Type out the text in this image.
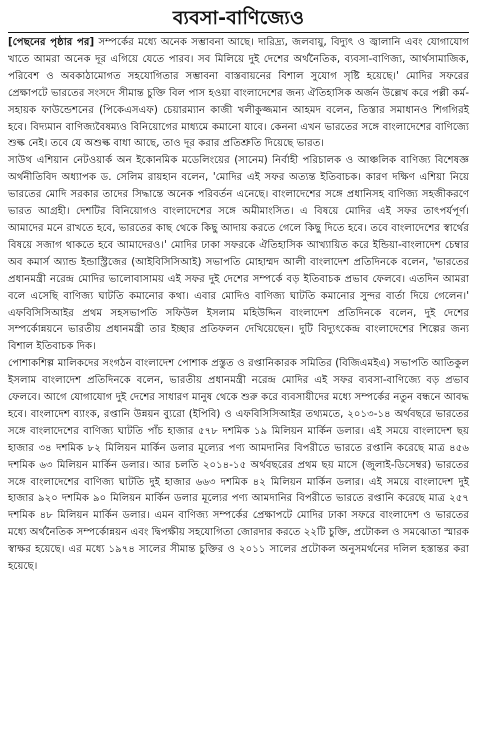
ব্যবসা-বাণিজ্যেও

[পেছনের পৃষ্ঠার পর] সম্পর্কের মধ্যে অনেক সম্ভাবনা আছে। দারিদ্র্য, জলবায়ু, বিদ্যুৎ ও জ্বালানি এবং যোগাযোগ খাতে আমরা অনেক দূর এগিয়ে যেতে পারব। সব মিলিয়ে দুই দেশের অর্থনৈতিক, ব্যবসা-বাণিজ্য, আর্থসামাজিক, পরিবেশ ও অবকাঠামোগত সহযোগিতার সম্ভাবনা বাস্তবায়নের বিশাল সুযোগ সৃষ্টি হয়েছে।' মোদির সফরের প্রেক্ষাপটে ভারতের সংসদে সীমান্ত চুক্তি বিল পাস হওয়া বাংলাদেশের জন্য ঐতিহাসিক অর্জন উল্লেখ করে পল্লী কর্ম-সহায়ক ফাউন্ডেশনের (পিকেএসএফ) চেয়ারম্যান কাজী খলীকুজ্জমান আহমদ বলেন, তিস্তার সমাধানও শিগগিরই হবে। বিদ্যমান বাণিজ্যবৈষম্যও বিনিয়োগের মাধ্যমে কমানো যাবে। কেননা এখন ভারতের সঙ্গে বাংলাদেশের বাণিজ্যে শুল্ক নেই। তবে যে অশুল্ক বাধা আছে, তাও দূর করার প্রতিশ্রুতি দিয়েছে ভারত।

সাউথ এশিয়ান নেটওয়ার্ক অন ইকোনমিক মডেলিংয়ের (সানেম) নির্বাহী পরিচালক ও আঞ্চলিক বাণিজ্য বিশেষজ্ঞ অর্থনীতিবিদ অধ্যাপক ড. সেলিম রায়হান বলেন, 'মোদির এই সফর অত্যন্ত ইতিবাচক। কারণ দক্ষিণ এশিয়া নিয়ে ভারতের মোদি সরকার তাদের সিদ্ধান্তে অনেক পরিবর্তন এনেছে। বাংলাদেশের সঙ্গে প্রধানিসহ বাণিজ্য সহজীকরণে ভারত আগ্রহী। দেশটির বিনিয়োগও বাংলাদেশের সঙ্গে অমীমাংসিত। এ বিষয়ে মোদির এই সফর তাৎপর্যপূর্ণ। আমাদের মনে রাখতে হবে, ভারতের কাছ থেকে কিছু আদায় করতে গেলে কিছু দিতে হবে। তবে বাংলাদেশের স্বার্থের বিষয়ে সজাগ থাকতে হবে আমাদেরও।' মোদির ঢাকা সফরকে ঐতিহাসিক আখ্যায়িত করে ইন্ডিয়া-বাংলাদেশ চেম্বার অব কমার্স অ্যান্ড ইন্ডাস্ট্রিজের (আইবিসিসিআই) সভাপতি মোহাম্মদ আলী বাংলাদেশ প্রতিদিনকে বলেন, 'ভারতের প্রধানমন্ত্রী নরেন্দ্র মোদির ভালোবাসাময় এই সফর দুই দেশের সম্পর্কে বড় ইতিবাচক প্রভাব ফেলবে। এতদিন আমরা বলে এসেছি বাণিজ্য ঘাটতি কমানোর কথা। এবার মোদিও বাণিজ্য ঘাটতি কমানোর সুন্দর বার্তা দিয়ে গেলেন।' এফবিসিসিআইর প্রথম সহসভাপতি সফিউল ইসলাম মহিউদ্দিন বাংলাদেশ প্রতিদিনকে বলেন, দুই দেশের সম্পর্কোন্নয়নে ভারতীয় প্রধানমন্ত্রী তার ইচ্ছার প্রতিফলন দেখিয়েছেন। দুটি বিদ্যুৎকেন্দ্র বাংলাদেশের শিল্পের জন্য বিশাল ইতিবাচক দিক।

পোশাকশিল্প মালিকদের সংগঠন বাংলাদেশ পোশাক প্রস্তুত ও রপ্তানিকারক সমিতির (বিজিএমইএ) সভাপতি আতিকুল ইসলাম বাংলাদেশ প্রতিদিনকে বলেন, ভারতীয় প্রধানমন্ত্রী নরেন্দ্র মোদির এই সফর ব্যবসা-বাণিজ্যে বড় প্রভাব ফেলবে। আগে যোগাযোগ দুই দেশের সাধারণ মানুষ থেকে শুরু করে ব্যবসায়ীদের মধ্যে সম্পর্কের নতুন বন্ধনে আবদ্ধ হবে। বাংলাদেশ ব্যাংক, রপ্তানি উন্নয়ন ব্যুরো (ইপিবি) ও এফবিসিসিআইর তথ্যমতে, ২০১৩-১৪ অর্থবছরে ভারতের সঙ্গে বাংলাদেশের বাণিজ্য ঘাটতি পাঁচ হাজার ৫৭৮ দশমিক ১৯ মিলিয়ন মার্কিন ডলার। এই সময়ে বাংলাদেশ ছয় হাজার ৩৪ দশমিক ৮২ মিলিয়ন মার্কিন ডলার মূল্যের পণ্য আমদানির বিপরীতে ভারতে রপ্তানি করেছে মাত্র ৪৫৬ দশমিক ৬৩ মিলিয়ন মার্কিন ডলার। আর চলতি ২০১৪-১৫ অর্থবছরের প্রথম ছয় মাসে (জুলাই-ডিসেম্বর) ভারতের সঙ্গে বাংলাদেশের বাণিজ্য ঘাটতি দুই হাজার ৬৬৩ দশমিক ৪২ মিলিয়ন মার্কিন ডলার। এই সময়ে বাংলাদেশ দুই হাজার ৯২০ দশমিক ৯০ মিলিয়ন মার্কিন ডলার মূল্যের পণ্য আমদানির বিপরীতে ভারতে রপ্তানি করেছে মাত্র ২৫৭ দশমিক ৪৮ মিলিয়ন মার্কিন ডলার। এমন বাণিজ্য সম্পর্কের প্রেক্ষাপটে মোদির ঢাকা সফরে বাংলাদেশ ও ভারতের মধ্যে অর্থনৈতিক সম্পর্কোন্নয়ন এবং দ্বিপক্ষীয় সহযোগিতা জোরদার করতে ২২টি চুক্তি, প্রটোকল ও সমঝোতা স্মারক স্বাক্ষর হয়েছে। এর মধ্যে ১৯৭৪ সালের সীমান্ত চুক্তির ও ২০১১ সালের প্রটোকল অনুসমর্থনের দলিল হস্তান্তর করা হয়েছে।
